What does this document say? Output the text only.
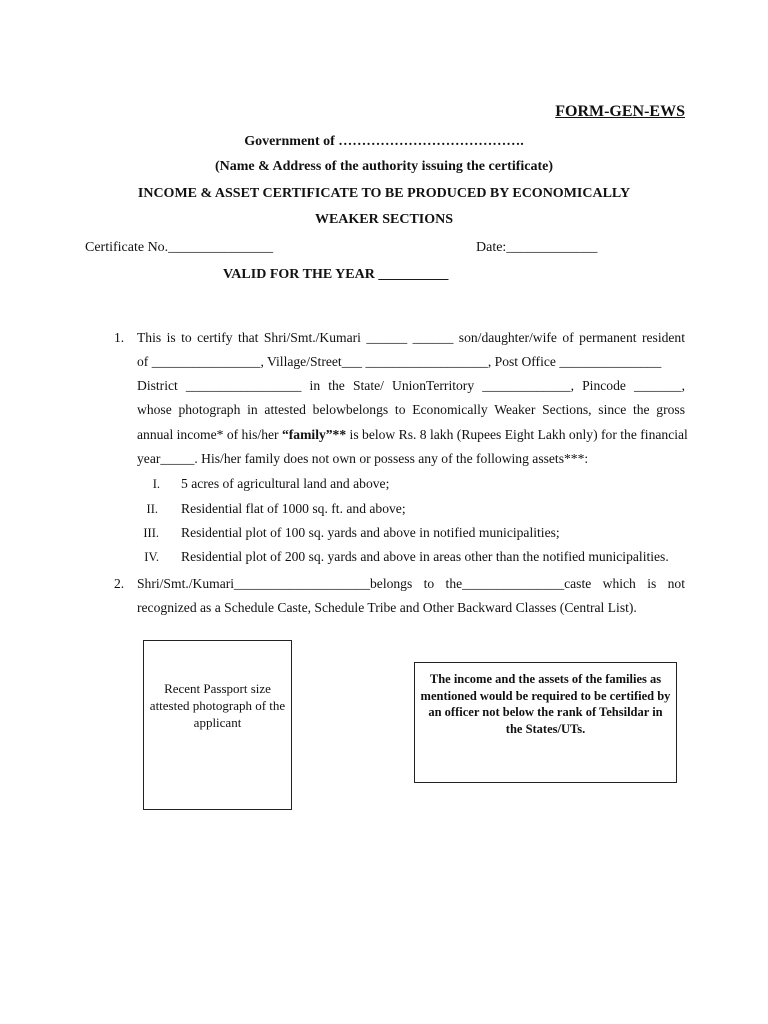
FORM-GEN-EWS
Government of ………………………………….
(Name & Address of the authority issuing the certificate)
INCOME & ASSET CERTIFICATE TO BE PRODUCED BY ECONOMICALLY
WEAKER SECTIONS
Certificate No._______________	Date:_____________
VALID FOR THE YEAR __________
1. This is to certify that Shri/Smt./Kumari ______ ______ son/daughter/wife of permanent resident
of ________________, Village/Street___ __________________, Post Office _______________
District _________________ in the State/ UnionTerritory _____________, Pincode _______,
whose photograph in attested belowbelongs to Economically Weaker Sections, since the gross
annual income* of his/her “family”** is below Rs. 8 lakh (Rupees Eight Lakh only) for the financial
year_____. His/her family does not own or possess any of the following assets***:
I. 5 acres of agricultural land and above;
II. Residential flat of 1000 sq. ft. and above;
III. Residential plot of 100 sq. yards and above in notified municipalities;
IV. Residential plot of 200 sq. yards and above in areas other than the notified municipalities.
2. Shri/Smt./Kumari____________________belongs to the_______________caste which is not
recognized as a Schedule Caste, Schedule Tribe and Other Backward Classes (Central List).
Recent Passport size attested photograph of the applicant
The income and the assets of the families as mentioned would be required to be certified by an officer not below the rank of Tehsildar in the States/UTs.
